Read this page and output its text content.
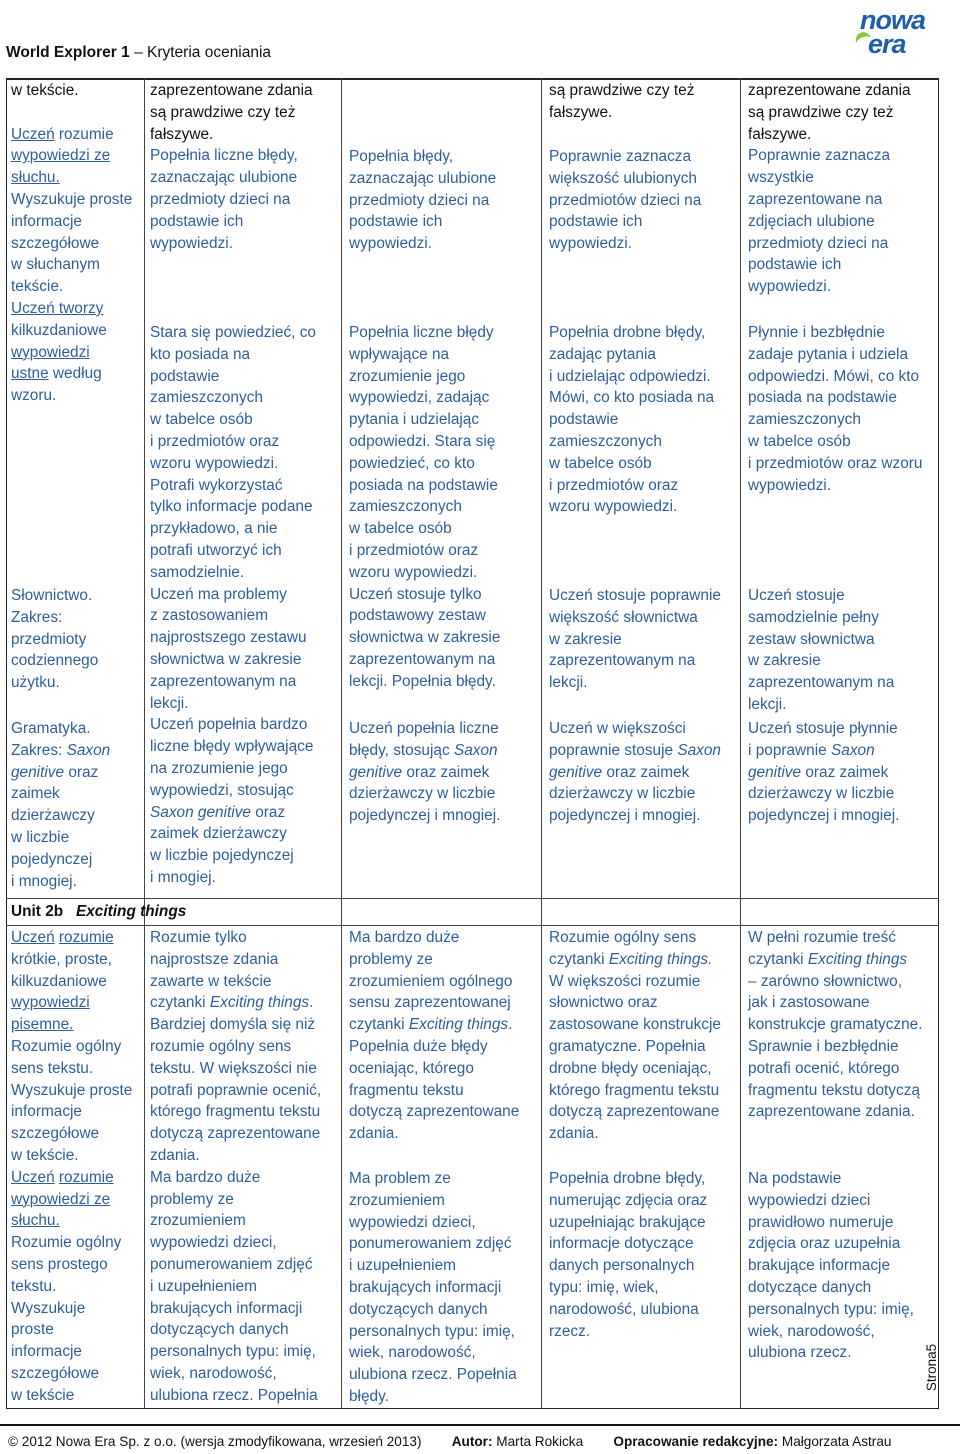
World Explorer 1 – Kryteria oceniania
nowa
era
w tekście.

Uczeń rozumie
wypowiedzi ze
słuchu.
Wyszukuje proste
informacje
szczegółowe
w słuchanym
tekście.
Uczeń tworzy
kilkuzdaniowe
wypowiedzi
ustne według
wzoru.
Słownictwo.
Zakres:
przedmioty
codziennego
użytku.
Gramatyka.
Zakres: Saxon
genitive oraz
zaimek
dzierżawczy
w liczbie
pojedynczej
i mnogiej.
zaprezentowane zdania
są prawdziwe czy też
fałszywe.
Popełnia liczne błędy,
zaznaczając ulubione
przedmioty dzieci na
podstawie ich
wypowiedzi.
Stara się powiedzieć, co
kto posiada na
podstawie
zamieszczonych
w tabelce osób
i przedmiotów oraz
wzoru wypowiedzi.
Potrafi wykorzystać
tylko informacje podane
przykładowo, a nie
potrafi utworzyć ich
samodzielnie.
Uczeń ma problemy
z zastosowaniem
najprostszego zestawu
słownictwa w zakresie
zaprezentowanym na
lekcji.
Uczeń popełnia bardzo
liczne błędy wpływające
na zrozumienie jego
wypowiedzi, stosując
Saxon genitive oraz
zaimek dzierżawczy
w liczbie pojedynczej
i mnogiej.
Popełnia błędy,
zaznaczając ulubione
przedmioty dzieci na
podstawie ich
wypowiedzi.
Popełnia liczne błędy
wpływające na
zrozumienie jego
wypowiedzi, zadając
pytania i udzielając
odpowiedzi. Stara się
powiedzieć, co kto
posiada na podstawie
zamieszczonych
w tabelce osób
i przedmiotów oraz
wzoru wypowiedzi.
Uczeń stosuje tylko
podstawowy zestaw
słownictwa w zakresie
zaprezentowanym na
lekcji. Popełnia błędy.
Uczeń popełnia liczne
błędy, stosując Saxon
genitive oraz zaimek
dzierżawczy w liczbie
pojedynczej i mnogiej.
są prawdziwe czy też
fałszywe.
Poprawnie zaznacza
większość ulubionych
przedmiotów dzieci na
podstawie ich
wypowiedzi.
Popełnia drobne błędy,
zadając pytania
i udzielając odpowiedzi.
Mówi, co kto posiada na
podstawie
zamieszczonych
w tabelce osób
i przedmiotów oraz
wzoru wypowiedzi.
Uczeń stosuje poprawnie
większość słownictwa
w zakresie
zaprezentowanym na
lekcji.
Uczeń w większości
poprawnie stosuje Saxon
genitive oraz zaimek
dzierżawczy w liczbie
pojedynczej i mnogiej.
zaprezentowane zdania
są prawdziwe czy też
fałszywe.
Poprawnie zaznacza
wszystkie
zaprezentowane na
zdjęciach ulubione
przedmioty dzieci na
podstawie ich
wypowiedzi.
Płynnie i bezbłędnie
zadaje pytania i udziela
odpowiedzi. Mówi, co kto
posiada na podstawie
zamieszczonych
w tabelce osób
i przedmiotów oraz wzoru
wypowiedzi.
Uczeń stosuje
samodzielnie pełny
zestaw słownictwa
w zakresie
zaprezentowanym na
lekcji.
Uczeń stosuje płynnie
i poprawnie Saxon
genitive oraz zaimek
dzierżawczy w liczbie
pojedynczej i mnogiej.
Unit 2b Exciting things
Uczeń rozumie
krótkie, proste,
kilkuzdaniowe
wypowiedzi
pisemne.
Rozumie ogólny
sens tekstu.
Wyszukuje proste
informacje
szczegółowe
w tekście.
Uczeń rozumie
wypowiedzi ze
słuchu.
Rozumie ogólny
sens prostego
tekstu.
Wyszukuje
proste
informacje
szczegółowe
w tekście
Rozumie tylko
najprostsze zdania
zawarte w tekście
czytanki Exciting things.
Bardziej domyśla się niż
rozumie ogólny sens
tekstu. W większości nie
potrafi poprawnie ocenić,
którego fragmentu tekstu
dotyczą zaprezentowane
zdania.
Ma bardzo duże
problemy ze
zrozumieniem
wypowiedzi dzieci,
ponumerowaniem zdjęć
i uzupełnieniem
brakujących informacji
dotyczących danych
personalnych typu: imię,
wiek, narodowość,
ulubiona rzecz. Popełnia
Ma bardzo duże
problemy ze
zrozumieniem ogólnego
sensu zaprezentowanej
czytanki Exciting things.
Popełnia duże błędy
oceniając, którego
fragmentu tekstu
dotyczą zaprezentowane
zdania.
Ma problem ze
zrozumieniem
wypowiedzi dzieci,
ponumerowaniem zdjęć
i uzupełnieniem
brakujących informacji
dotyczących danych
personalnych typu: imię,
wiek, narodowość,
ulubiona rzecz. Popełnia
błędy.
Rozumie ogólny sens
czytanki Exciting things.
W większości rozumie
słownictwo oraz
zastosowane konstrukcje
gramatyczne. Popełnia
drobne błędy oceniając,
którego fragmentu tekstu
dotyczą zaprezentowane
zdania.
Popełnia drobne błędy,
numerując zdjęcia oraz
uzupełniając brakujące
informacje dotyczące
danych personalnych
typu: imię, wiek,
narodowość, ulubiona
rzecz.
W pełni rozumie treść
czytanki Exciting things
– zarówno słownictwo,
jak i zastosowane
konstrukcje gramatyczne.
Sprawnie i bezbłędnie
potrafi ocenić, którego
fragmentu tekstu dotyczą
zaprezentowane zdania.
Na podstawie
wypowiedzi dzieci
prawidłowo numeruje
zdjęcia oraz uzupełnia
brakujące informacje
dotyczące danych
personalnych typu: imię,
wiek, narodowość,
ulubiona rzecz.	Strona5
© 2012 Nowa Era Sp. z o.o. (wersja zmodyfikowana, wrzesień 2013) Autor: Marta Rokicka Opracowanie redakcyjne: Małgorzata Astrau
